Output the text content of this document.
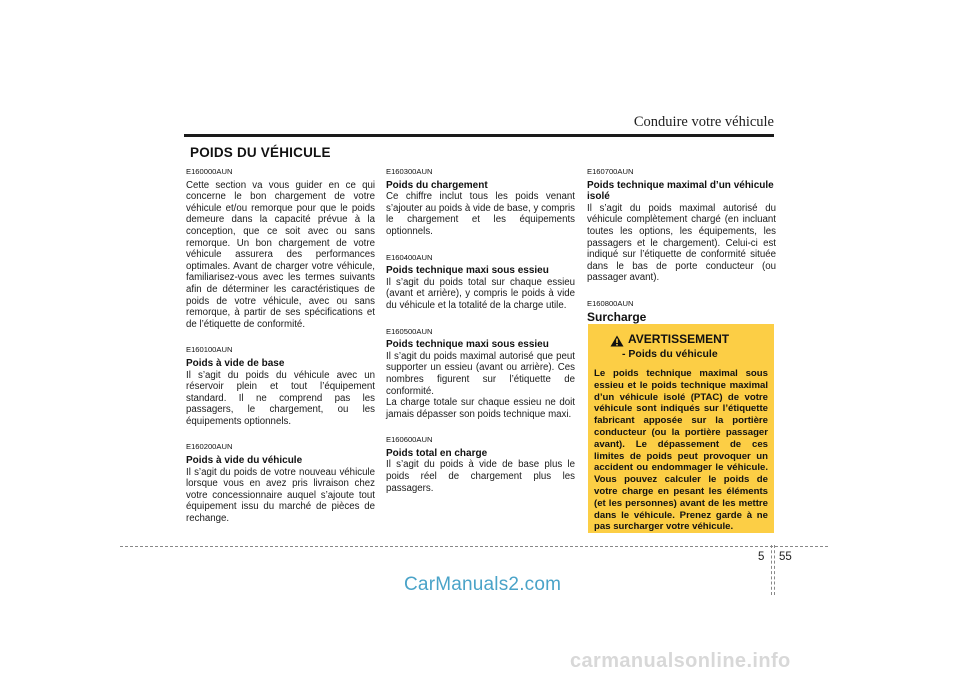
Conduire votre véhicule
POIDS DU VÉHICULE

E160000AUN

Cette section va vous guider en ce qui concerne le bon chargement de votre véhicule et/ou remorque pour que le poids demeure dans la capacité prévue à la conception, que ce soit avec ou sans remorque. Un bon chargement de votre véhicule assurera des performances optimales. Avant de charger votre véhicule, familiarisez-vous avec les termes suivants afin de déterminer les caractéristiques de poids de votre véhicule, avec ou sans remorque, à partir de ses spécifications et de l’étiquette de conformité.

E160100AUN

Poids à vide de base

Il s’agit du poids du véhicule avec un réservoir plein et tout l’équipement standard. Il ne comprend pas les passagers, le chargement, ou les équipements optionnels.

E160200AUN

Poids à vide du véhicule

Il s’agit du poids de votre nouveau véhicule lorsque vous en avez pris livraison chez votre concessionnaire auquel s’ajoute tout équipement issu du marché de pièces de rechange.

E160300AUN

Poids du chargement

Ce chiffre inclut tous les poids venant s’ajouter au poids à vide de base, y compris le chargement et les équipements optionnels.

E160400AUN

Poids technique maxi sous essieu

Il s’agit du poids total sur chaque essieu (avant et arrière), y compris le poids à vide du véhicule et la totalité de la charge utile.

E160500AUN

Poids technique maxi sous essieu

Il s’agit du poids maximal autorisé que peut supporter un essieu (avant ou arrière). Ces nombres figurent sur l’étiquette de conformité.

La charge totale sur chaque essieu ne doit jamais dépasser son poids technique maxi.

E160600AUN

Poids total en charge

Il s’agit du poids à vide de base plus le poids réel de chargement plus les passagers.

E160700AUN

Poids technique maximal d’un véhicule isolé

Il s’agit du poids maximal autorisé du véhicule complètement chargé (en incluant toutes les options, les équipements, les passagers et le chargement). Celui-ci est indiqué sur l’étiquette de conformité située dans le bas de porte conducteur (ou passager avant).

E160800AUN

Surcharge

AVERTISSEMENT
- Poids du véhicule

Le poids technique maximal sous essieu et le poids technique maximal d’un véhicule isolé (PTAC) de votre véhicule sont indiqués sur l’étiquette fabricant apposée sur la portière conducteur (ou la portière passager avant). Le dépassement de ces limites de poids peut provoquer un accident ou endommager le véhicule. Vous pouvez calculer le poids de votre charge en pesant les éléments (et les personnes) avant de les mettre dans le véhicule. Prenez garde à ne pas surcharger votre véhicule.

5 55
CarManuals2.com
carmanualsonline.info
